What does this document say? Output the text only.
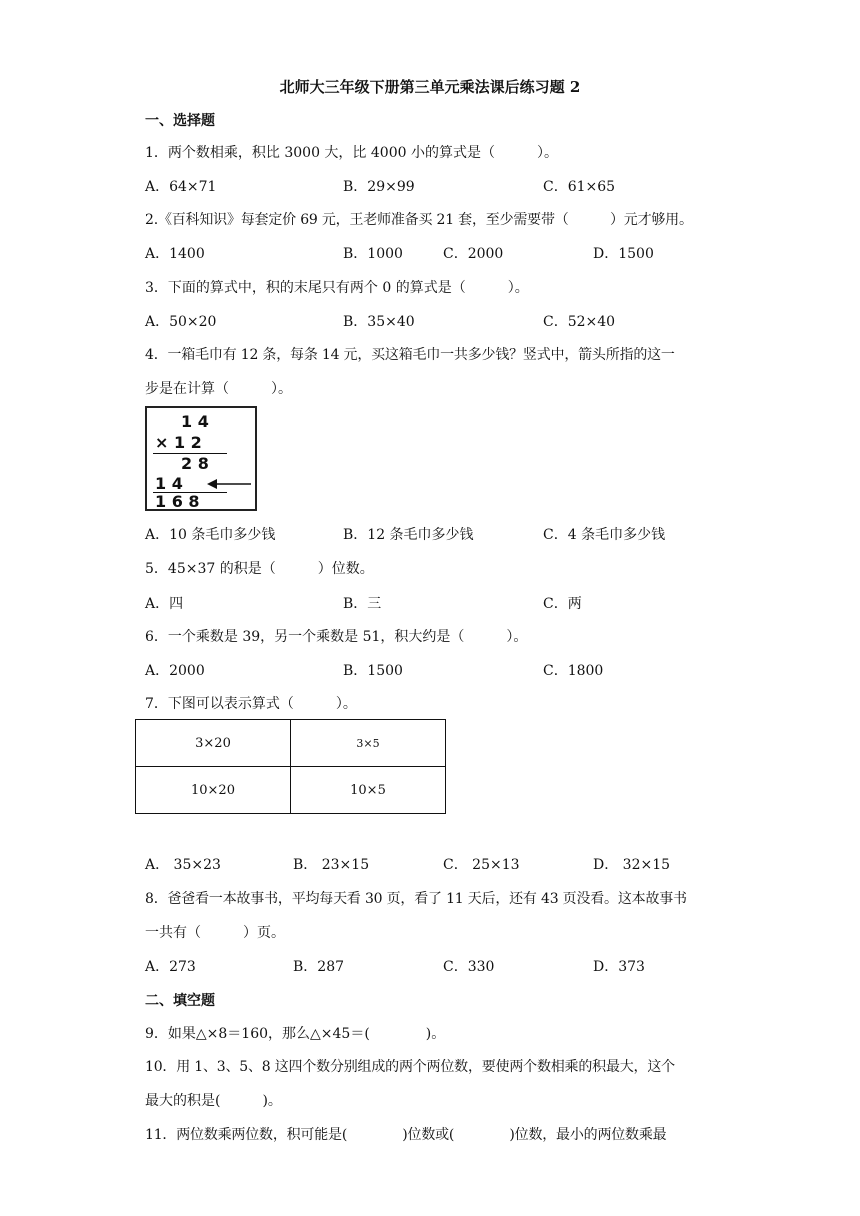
北师大三年级下册第三单元乘法课后练习题 2
一、选择题
1．两个数相乘，积比 3000 大，比 4000 小的算式是（　　　）。
A．64×71	B．29×99	C．61×65
2.《百科知识》每套定价 69 元，王老师准备买 21 套，至少需要带（　　　）元才够用。
A．1400	B．1000	C．2000	D．1500
3．下面的算式中，积的末尾只有两个 0 的算式是（　　　）。
A．50×20	B．35×40	C．52×40
4．一箱毛巾有 12 条，每条 14 元，买这箱毛巾一共多少钱？竖式中，箭头所指的这一
步是在计算（　　　）。
1 4
× 1 2
2 8
1 4
1 6 8
A．10 条毛巾多少钱	B．12 条毛巾多少钱	C．4 条毛巾多少钱
5．45×37 的积是（　　　）位数。
A．四	B．三	C．两
6．一个乘数是 39，另一个乘数是 51，积大约是（　　　）。
A．2000	B．1500	C．1800
7．下图可以表示算式（　　　）。
3×20	3×5
10×20	10×5
A． 35×23	B． 23×15	C． 25×13	D． 32×15
8．爸爸看一本故事书，平均每天看 30 页，看了 11 天后，还有 43 页没看。这本故事书
一共有（　　　）页。
A．273	B．287	C．330	D．373
二、填空题
9．如果△×8＝160，那么△×45＝(　　　　)。
10．用 1、3、5、8 这四个数分别组成的两个两位数，要使两个数相乘的积最大，这个
最大的积是(　　　)。
11．两位数乘两位数，积可能是(　　　　)位数或(　　　　)位数，最小的两位数乘最
